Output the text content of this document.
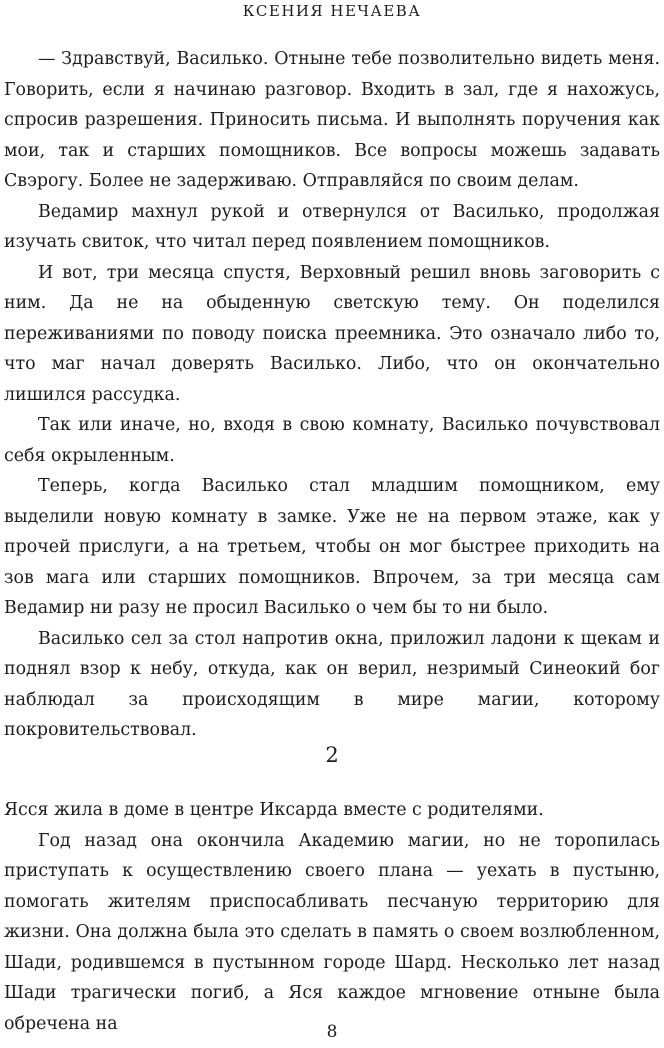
КСЕНИЯ НЕЧАЕВА

— Здравствуй, Василько. Отныне тебе позволительно видеть меня. Говорить, если я начинаю разговор. Входить в зал, где я нахожусь, спросив разрешения. Приносить письма. И выполнять поручения как мои, так и старших помощников. Все вопросы можешь задавать Свэрогу. Более не задерживаю. Отправляйся по своим делам.

Ведамир махнул рукой и отвернулся от Василько, продолжая изучать свиток, что читал перед появлением помощников.

И вот, три месяца спустя, Верховный решил вновь заговорить с ним. Да не на обыденную светскую тему. Он поделился переживаниями по поводу поиска преемника. Это означало либо то, что маг начал доверять Василько. Либо, что он окончательно лишился рассудка.

Так или иначе, но, входя в свою комнату, Василько почувствовал себя окрыленным.

Теперь, когда Василько стал младшим помощником, ему выделили новую комнату в замке. Уже не на первом этаже, как у прочей прислуги, а на третьем, чтобы он мог быстрее приходить на зов мага или старших помощников. Впрочем, за три месяца сам Ведамир ни разу не просил Василько о чем бы то ни было.

Василько сел за стол напротив окна, приложил ладони к щекам и поднял взор к небу, откуда, как он верил, незримый Синеокий бог наблюдал за происходящим в мире магии, которому покровительствовал.

2

Ясся жила в доме в центре Иксарда вместе с родителями.

Год назад она окончила Академию магии, но не торопилась приступать к осуществлению своего плана — уехать в пустыню, помогать жителям приспосабливать песчаную территорию для жизни. Она должна была это сделать в память о своем возлюбленном, Шади, родившемся в пустынном городе Шард. Несколько лет назад Шади трагически погиб, а Яся каждое мгновение отныне была обречена на	8
